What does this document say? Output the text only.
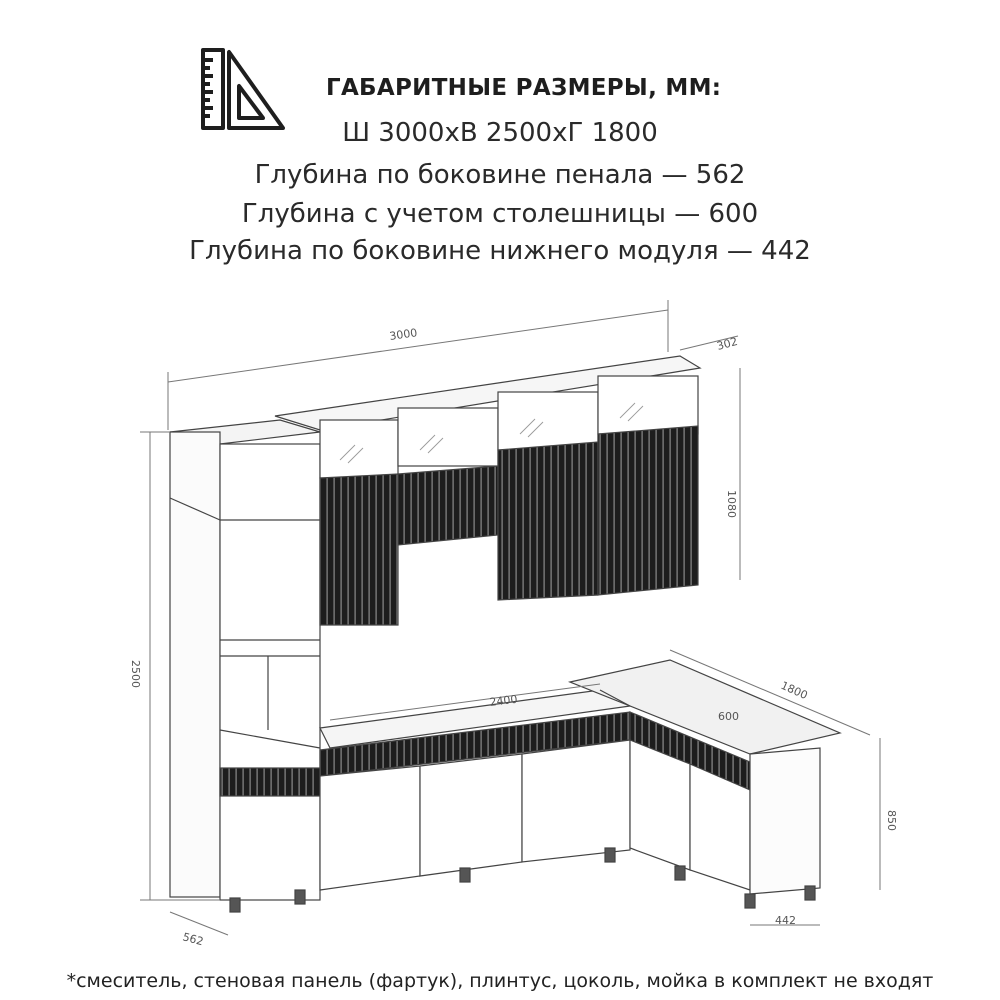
ГАБАРИТНЫЕ РАЗМЕРЫ, ММ:
Ш 3000хВ 2500хГ 1800
Глубина по боковине пенала — 562
Глубина с учетом столешницы — 600
Глубина по боковине нижнего модуля — 442
3000
302
1080
2500
2400	1800
600
850
562
442
*смеситель, стеновая панель (фартук), плинтус, цоколь, мойка в комплект не входят
